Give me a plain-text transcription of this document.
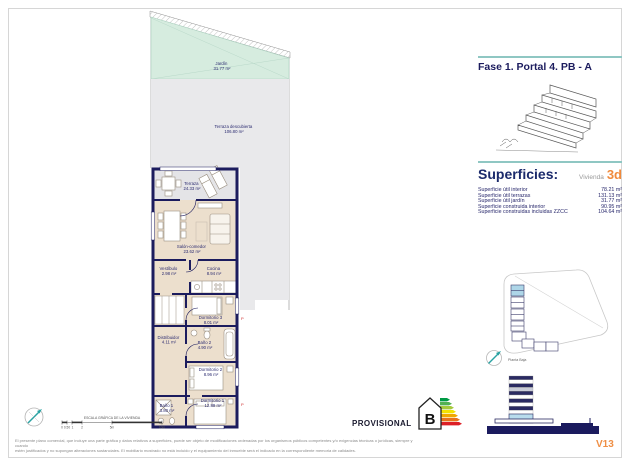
P
P
Jardín 31.77 m²
Terraza descubierta 106.80 m²
Terraza 24.33 m²
Salón-comedor 23.62 m²
Vestíbulo 2.98 m²
Cocina 8.94 m²
Dormitorio 3 8.01 m²
Distribuidor 4.11 m²	Baño 2 4.90 m²
Dormitorio 2 8.96 m²
Baño 1 3.80 m²
Dormitorio 1 12.89 m²
ESCALA GRÁFICA DE LA VIVIENDA
0 0.50 1 2	5m	10m
Fase 1. Portal 4. PB - A
Superficies:	Vivienda 3d
Superficie útil interior	78.21 m²
Superficie útil terrazas	131.13 m²
Superficie útil jardín	31.77 m²
Superficie construida interior	90.95 m²
Superficie construidas incluidas ZZCC	104.64 m²
Planta Baja
PROVISIONAL B
El presente plano comercial, que incluye una parte gráfica y datos relativos a superficies, puede ser objeto de modificaciones ordenadas por los organismos públicos competentes y/o exigencias técnicas o jurídicas, siempre y cuando
estén justificados y no supongan alteraciones sustanciales. El mobiliario mostrado no está incluido y el equipamiento del inmueble será el indicado en la correspondiente memoria de calidades.
V13
